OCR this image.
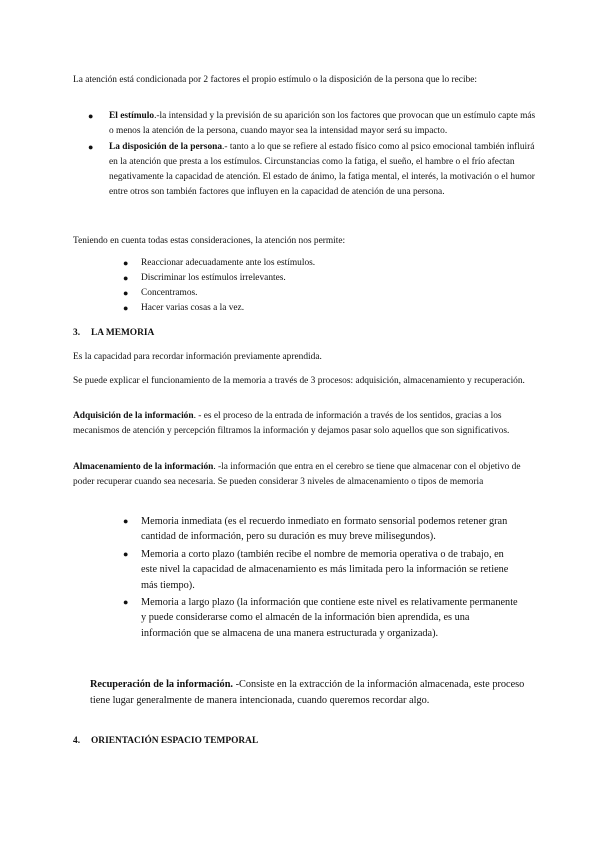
La atención está condicionada por 2 factores el propio estímulo o la disposición de la persona que lo recibe:
● El estímulo.-la intensidad y la previsión de su aparición son los factores que provocan que un estímulo capte más o menos la atención de la persona, cuando mayor sea la intensidad mayor será su impacto.
● La disposición de la persona.- tanto a lo que se refiere al estado físico como al psico emocional también influirá en la atención que presta a los estímulos. Circunstancias como la fatiga, el sueño, el hambre o el frío afectan negativamente la capacidad de atención. El estado de ánimo, la fatiga mental, el interés, la motivación o el humor entre otros son también factores que influyen en la capacidad de atención de una persona.
Teniendo en cuenta todas estas consideraciones, la atención nos permite:
● Reaccionar adecuadamente ante los estímulos.
● Discriminar los estímulos irrelevantes.
● Concentramos.
● Hacer varias cosas a la vez.
3. LA MEMORIA
Es la capacidad para recordar información previamente aprendida.
Se puede explicar el funcionamiento de la memoria a través de 3 procesos: adquisición, almacenamiento y recuperación.
Adquisición de la información. - es el proceso de la entrada de información a través de los sentidos, gracias a los mecanismos de atención y percepción filtramos la información y dejamos pasar solo aquellos que son significativos.
Almacenamiento de la información. -la información que entra en el cerebro se tiene que almacenar con el objetivo de poder recuperar cuando sea necesaria. Se pueden considerar 3 niveles de almacenamiento o tipos de memoria
● Memoria inmediata (es el recuerdo inmediato en formato sensorial podemos retener gran cantidad de información, pero su duración es muy breve milisegundos).
● Memoria a corto plazo (también recibe el nombre de memoria operativa o de trabajo, en este nivel la capacidad de almacenamiento es más limitada pero la información se retiene más tiempo).
● Memoria a largo plazo (la información que contiene este nivel es relativamente permanente y puede considerarse como el almacén de la información bien aprendida, es una información que se almacena de una manera estructurada y organizada).
Recuperación de la información. -Consiste en la extracción de la información almacenada, este proceso tiene lugar generalmente de manera intencionada, cuando queremos recordar algo.
4. ORIENTACIÓN ESPACIO TEMPORAL
